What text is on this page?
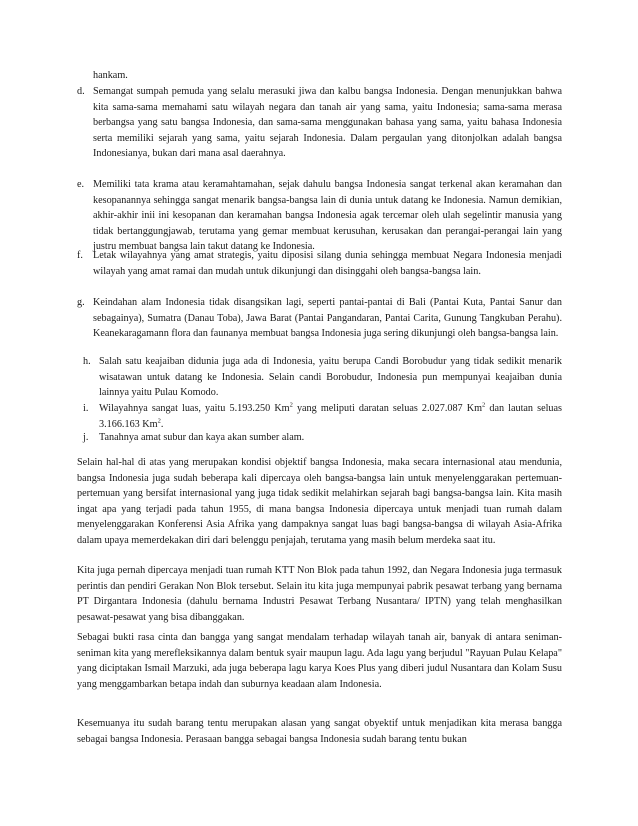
hankam.
d. Semangat sumpah pemuda yang selalu merasuki jiwa dan kalbu bangsa Indonesia. Dengan menunjukkan bahwa kita sama-sama memahami satu wilayah negara dan tanah air yang sama, yaitu Indonesia; sama-sama merasa berbangsa yang satu bangsa Indonesia, dan sama-sama menggunakan bahasa yang sama, yaitu bahasa Indonesia serta memiliki sejarah yang sama, yaitu sejarah Indonesia. Dalam pergaulan yang ditonjolkan adalah bangsa Indonesianya, bukan dari mana asal daerahnya.
e. Memiliki tata krama atau keramahtamahan, sejak dahulu bangsa Indonesia sangat terkenal akan keramahan dan kesopanannya sehingga sangat menarik bangsa-bangsa lain di dunia untuk datang ke Indonesia. Namun demikian, akhir-akhir inii ini kesopanan dan keramahan bangsa Indonesia agak tercemar oleh ulah segelintir manusia yang tidak bertanggungjawab, terutama yang gemar membuat kerusuhan, kerusakan dan perangai-perangai lain yang justru membuat bangsa lain takut datang ke Indonesia.
f. Letak wilayahnya yang amat strategis, yaitu diposisi silang dunia sehingga membuat Negara Indonesia menjadi wilayah yang amat ramai dan mudah untuk dikunjungi dan disinggahi oleh bangsa-bangsa lain.
g. Keindahan alam Indonesia tidak disangsikan lagi, seperti pantai-pantai di Bali (Pantai Kuta, Pantai Sanur dan sebagainya), Sumatra (Danau Toba), Jawa Barat (Pantai Pangandaran, Pantai Carita, Gunung Tangkuban Perahu). Keanekaragamann flora dan faunanya membuat bangsa Indonesia juga sering dikunjungi oleh bangsa-bangsa lain.
h. Salah satu keajaiban didunia juga ada di Indonesia, yaitu berupa Candi Borobudur yang tidak sedikit menarik wisatawan untuk datang ke Indonesia. Selain candi Borobudur, Indonesia pun mempunyai keajaiban dunia lainnya yaitu Pulau Komodo.
i. Wilayahnya sangat luas, yaitu 5.193.250 Km$^2$ yang meliputi daratan seluas 2.027.087 Km$^2$ dan lautan seluas 3.166.163 Km$^2$.
j. Tanahnya amat subur dan kaya akan sumber alam.

Selain hal-hal di atas yang merupakan kondisi objektif bangsa Indonesia, maka secara internasional atau mendunia, bangsa Indonesia juga sudah beberapa kali dipercaya oleh bangsa-bangsa lain untuk menyelenggarakan pertemuan-pertemuan yang bersifat internasional yang juga tidak sedikit melahirkan sejarah bagi bangsa-bangsa lain. Kita masih ingat apa yang terjadi pada tahun 1955, di mana bangsa Indonesia dipercaya untuk menjadi tuan rumah dalam menyelenggarakan Konferensi Asia Afrika yang dampaknya sangat luas bagi bangsa-bangsa di wilayah Asia-Afrika dalam upaya memerdekakan diri dari belenggu penjajah, terutama yang masih belum merdeka saat itu.

Kita juga pernah dipercaya menjadi tuan rumah KTT Non Blok pada tahun 1992, dan Negara Indonesia juga termasuk perintis dan pendiri Gerakan Non Blok tersebut. Selain itu kita juga mempunyai pabrik pesawat terbang yang bernama PT Dirgantara Indonesia (dahulu bernama Industri Pesawat Terbang Nusantara/ IPTN) yang telah menghasilkan pesawat-pesawat yang bisa dibanggakan.

Sebagai bukti rasa cinta dan bangga yang sangat mendalam terhadap wilayah tanah air, banyak di antara seniman-seniman kita yang merefleksikannya dalam bentuk syair maupun lagu. Ada lagu yang berjudul "Rayuan Pulau Kelapa" yang diciptakan Ismail Marzuki, ada juga beberapa lagu karya Koes Plus yang diberi judul Nusantara dan Kolam Susu yang menggambarkan betapa indah dan suburnya keadaan alam Indonesia.

Kesemuanya itu sudah barang tentu merupakan alasan yang sangat obyektif untuk menjadikan kita merasa bangga sebagai bangsa Indonesia. Perasaan bangga sebagai bangsa Indonesia sudah barang tentu bukan
